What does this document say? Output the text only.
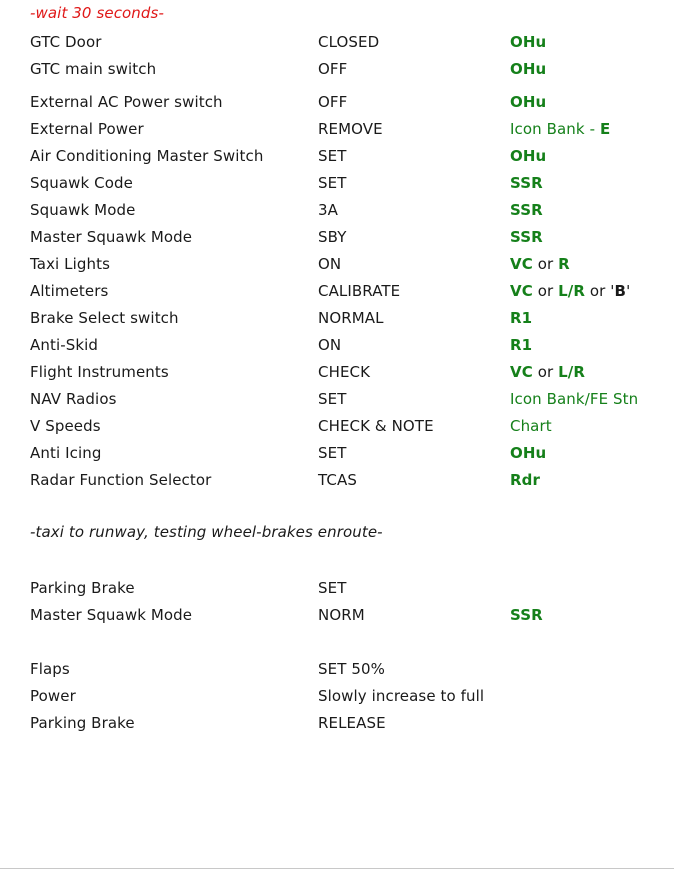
-wait 30 seconds-
GTC Door	CLOSED	OHu
GTC main switch	OFF	OHu
External AC Power switch	OFF	OHu
External Power	REMOVE	Icon Bank - E
Air Conditioning Master Switch	SET	OHu
Squawk Code	SET	SSR
Squawk Mode	3A	SSR
Master Squawk Mode	SBY	SSR
Taxi Lights	ON	VC or R
Altimeters	CALIBRATE	VC or L/R or 'B'
Brake Select switch	NORMAL	R1
Anti-Skid	ON	R1
Flight Instruments	CHECK	VC or L/R
NAV Radios	SET	Icon Bank/FE Stn
V Speeds	CHECK & NOTE	Chart
Anti Icing	SET	OHu
Radar Function Selector	TCAS	Rdr
-taxi to runway, testing wheel-brakes enroute-
Parking Brake	SET
Master Squawk Mode	NORM	SSR
Flaps	SET 50%
Power	Slowly increase to full
Parking Brake	RELEASE
